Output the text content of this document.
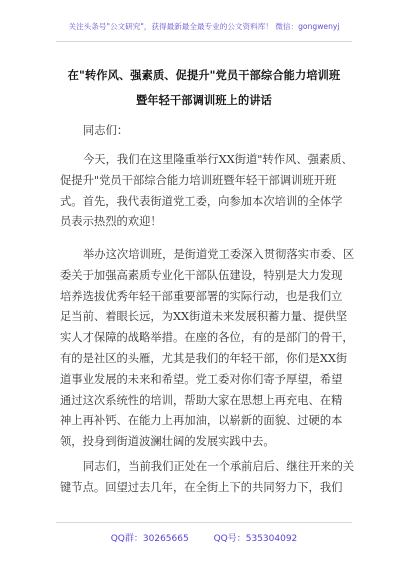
关注头条号"公文研究"，获得最新最全最专业的公文资料库！ 微信：gongwenyj
在"转作风、强素质、促提升"党员干部综合能力培训班
暨年轻干部调训班上的讲话
同志们：
今天，我们在这里隆重举行XX街道"转作风、强素质、
促提升"党员干部综合能力培训班暨年轻干部调训班开班
式。首先，我代表街道党工委，向参加本次培训的全体学
员表示热烈的欢迎！
举办这次培训班，是街道党工委深入贯彻落实市委、区
委关于加强高素质专业化干部队伍建设，特别是大力发现
培养选拔优秀年轻干部重要部署的实际行动，也是我们立
足当前、着眼长远，为XX街道未来发展积蓄力量、提供坚
实人才保障的战略举措。在座的各位，有的是部门的骨干，
有的是社区的头雁，尤其是我们的年轻干部，你们是XX街
道事业发展的未来和希望。党工委对你们寄予厚望，希望
通过这次系统性的培训，帮助大家在思想上再充电、在精
神上再补钙、在能力上再加油，以崭新的面貌、过硬的本
领，投身到街道波澜壮阔的发展实践中去。
同志们，当前我们正处在一个承前启后、继往开来的关
键节点。回望过去几年，在全街上下的共同努力下，我们
QQ群：30265665	QQ号：535304092
